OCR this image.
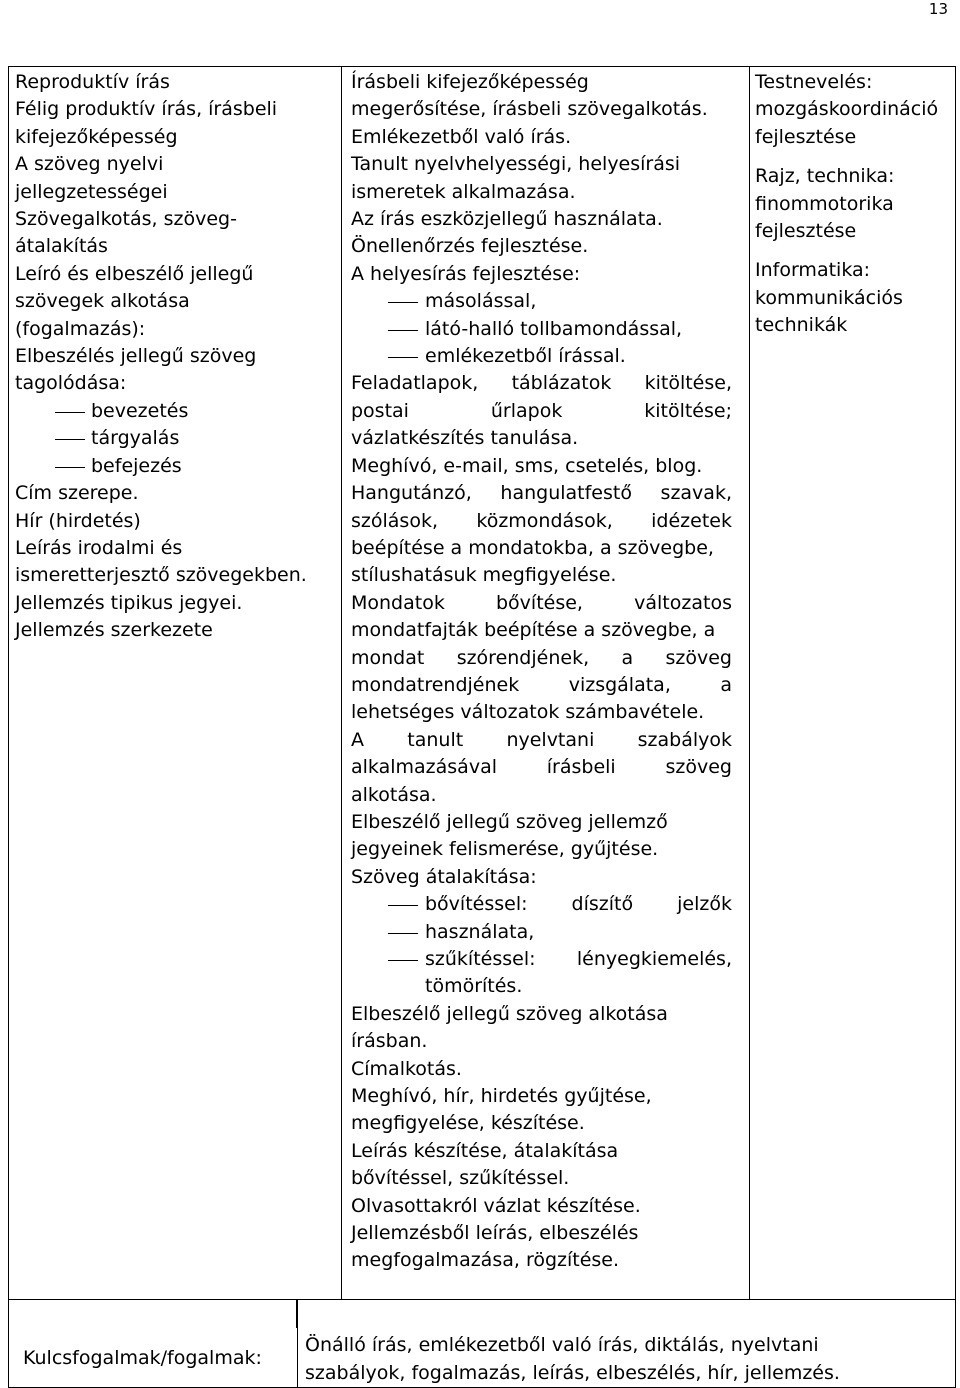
13
Reproduktív írás
Félig produktív írás, írásbeli
kifejezőképesség
A szöveg nyelvi
jellegzetességei
Szövegalkotás, szöveg-
átalakítás
Leíró és elbeszélő jellegű
szövegek alkotása
(fogalmazás):
Elbeszélés jellegű szöveg
tagolódása:
bevezetés
tárgyalás
befejezés
Cím szerepe.
Hír (hirdetés)
Leírás irodalmi és
ismeretterjesztő szövegekben.
Jellemzés tipikus jegyei.
Jellemzés szerkezete
Írásbeli kifejezőképesség
megerősítése, írásbeli szövegalkotás.
Emlékezetből való írás.
Tanult nyelvhelyességi, helyesírási
ismeretek alkalmazása.
Az írás eszközjellegű használata.
Önellenőrzés fejlesztése.
A helyesírás fejlesztése:
másolással,
látó-halló tollbamondással,
emlékezetből írással.
Feladatlapok, táblázatok kitöltése,
postai	űrlapok	kitöltése;
vázlatkészítés tanulása.
Meghívó, e-mail, sms, csetelés, blog.
Hangutánzó, hangulatfestő szavak,
szólások, közmondások, idézetek
beépítése a mondatokba, a szövegbe,
stílushatásuk megfigyelése.
Mondatok	bővítése,	változatos
mondatfajták beépítése a szövegbe, a
mondat szórendjének, a szöveg
mondatrendjének	vizsgálata,	a
lehetséges változatok számbavétele.
A tanult nyelvtani szabályok
alkalmazásával	írásbeli	szöveg
alkotása.
Elbeszélő jellegű szöveg jellemző
jegyeinek felismerése, gyűjtése.
Szöveg átalakítása:
bővítéssel: díszítő jelzők
használata,
szűkítéssel: lényegkiemelés,
tömörítés.
Elbeszélő jellegű szöveg alkotása
írásban.
Címalkotás.
Meghívó, hír, hirdetés gyűjtése,
megfigyelése, készítése.
Leírás készítése, átalakítása
bővítéssel, szűkítéssel.
Olvasottakról vázlat készítése.
Jellemzésből leírás, elbeszélés
megfogalmazása, rögzítése.
Testnevelés:
mozgáskoordináció
fejlesztése
Rajz, technika:
finommotorika
fejlesztése
Informatika:
kommunikációs
technikák
Kulcsfogalmak/fogalmak:
Önálló írás, emlékezetből való írás, diktálás, nyelvtani
szabályok, fogalmazás, leírás, elbeszélés, hír, jellemzés.
